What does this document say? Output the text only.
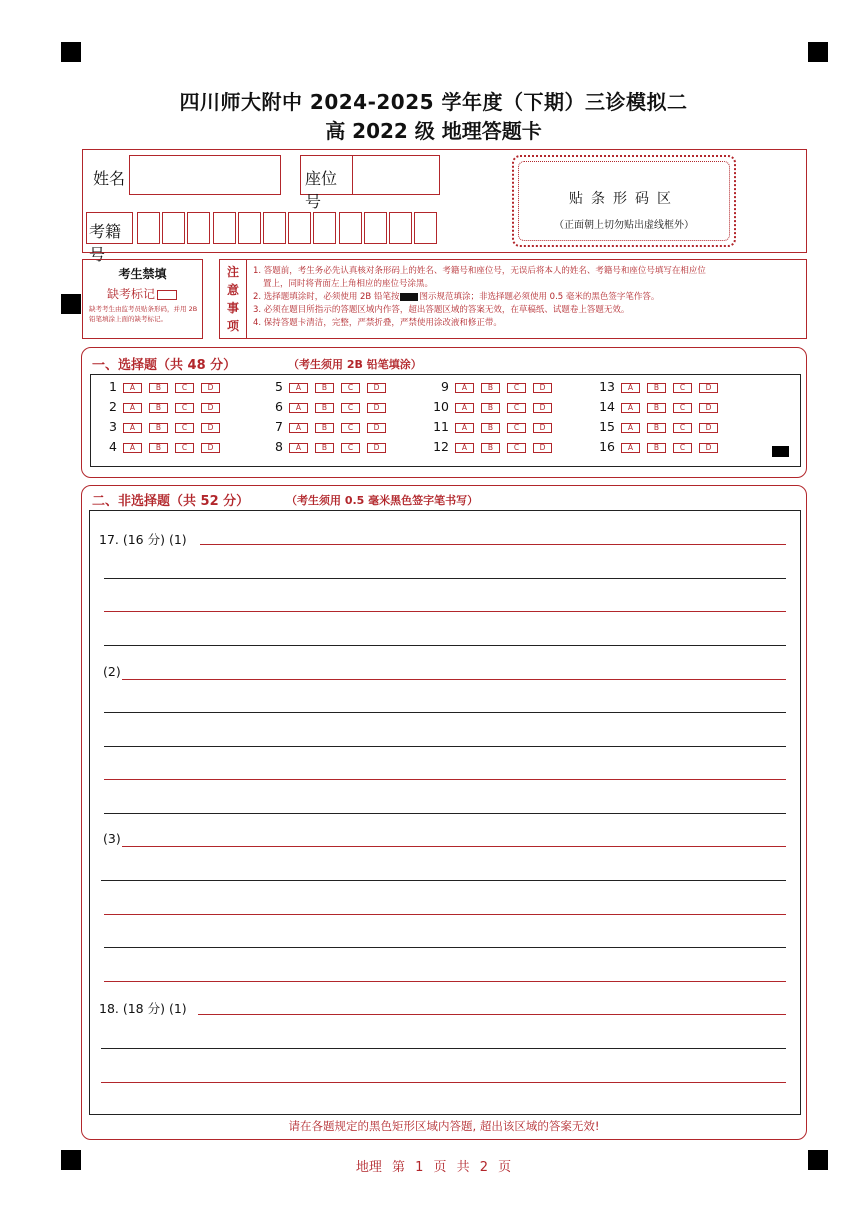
四川师大附中 2024-2025 学年度（下期）三诊模拟二
高 2022 级 地理答题卡
姓名	座位号
考籍号
贴条形码区
（正面朝上切勿贴出虚线框外）
考生禁填
缺考标记
缺考考生由监考员贴条形码，并用 2B 铅笔填涂上面的缺考标记。
注
意
事
项
1. 答题前，考生务必先认真核对条形码上的姓名、考籍号和座位号，无误后将本人的姓名、考籍号和座位号填写在相应位
置上，同时将背面左上角相应的座位号涂黑。
2. 选择题填涂时，必须使用 2B 铅笔按 图示规范填涂；非选择题必须使用 0.5 毫米的黑色签字笔作答。
3. 必须在题目所指示的答题区域内作答，超出答题区域的答案无效，在草稿纸、试题卷上答题无效。
4. 保持答题卡清洁，完整，严禁折叠，严禁使用涂改液和修正带。
一、选择题（共 48 分）	（考生须用 2B 铅笔填涂）
1	A	B	C	D
2	A	B	C	D
3	A	B	C	D
4	A	B	C	D
5	A	B	C	D
6	A	B	C	D
7	A	B	C	D
8	A	B	C	D
9	A	B	C	D
10	A	B	C	D
11	A	B	C	D
12	A	B	C	D
13	A	B	C	D
14	A	B	C	D
15	A	B	C	D
16	A	B	C	D
二、非选择题（共 52 分）	（考生须用 0.5 毫米黑色签字笔书写）
17. (16 分) (1)
(2)
(3)
18. (18 分) (1)
请在各题规定的黑色矩形区域内答题, 超出该区域的答案无效!
地理 第 1 页 共 2 页
